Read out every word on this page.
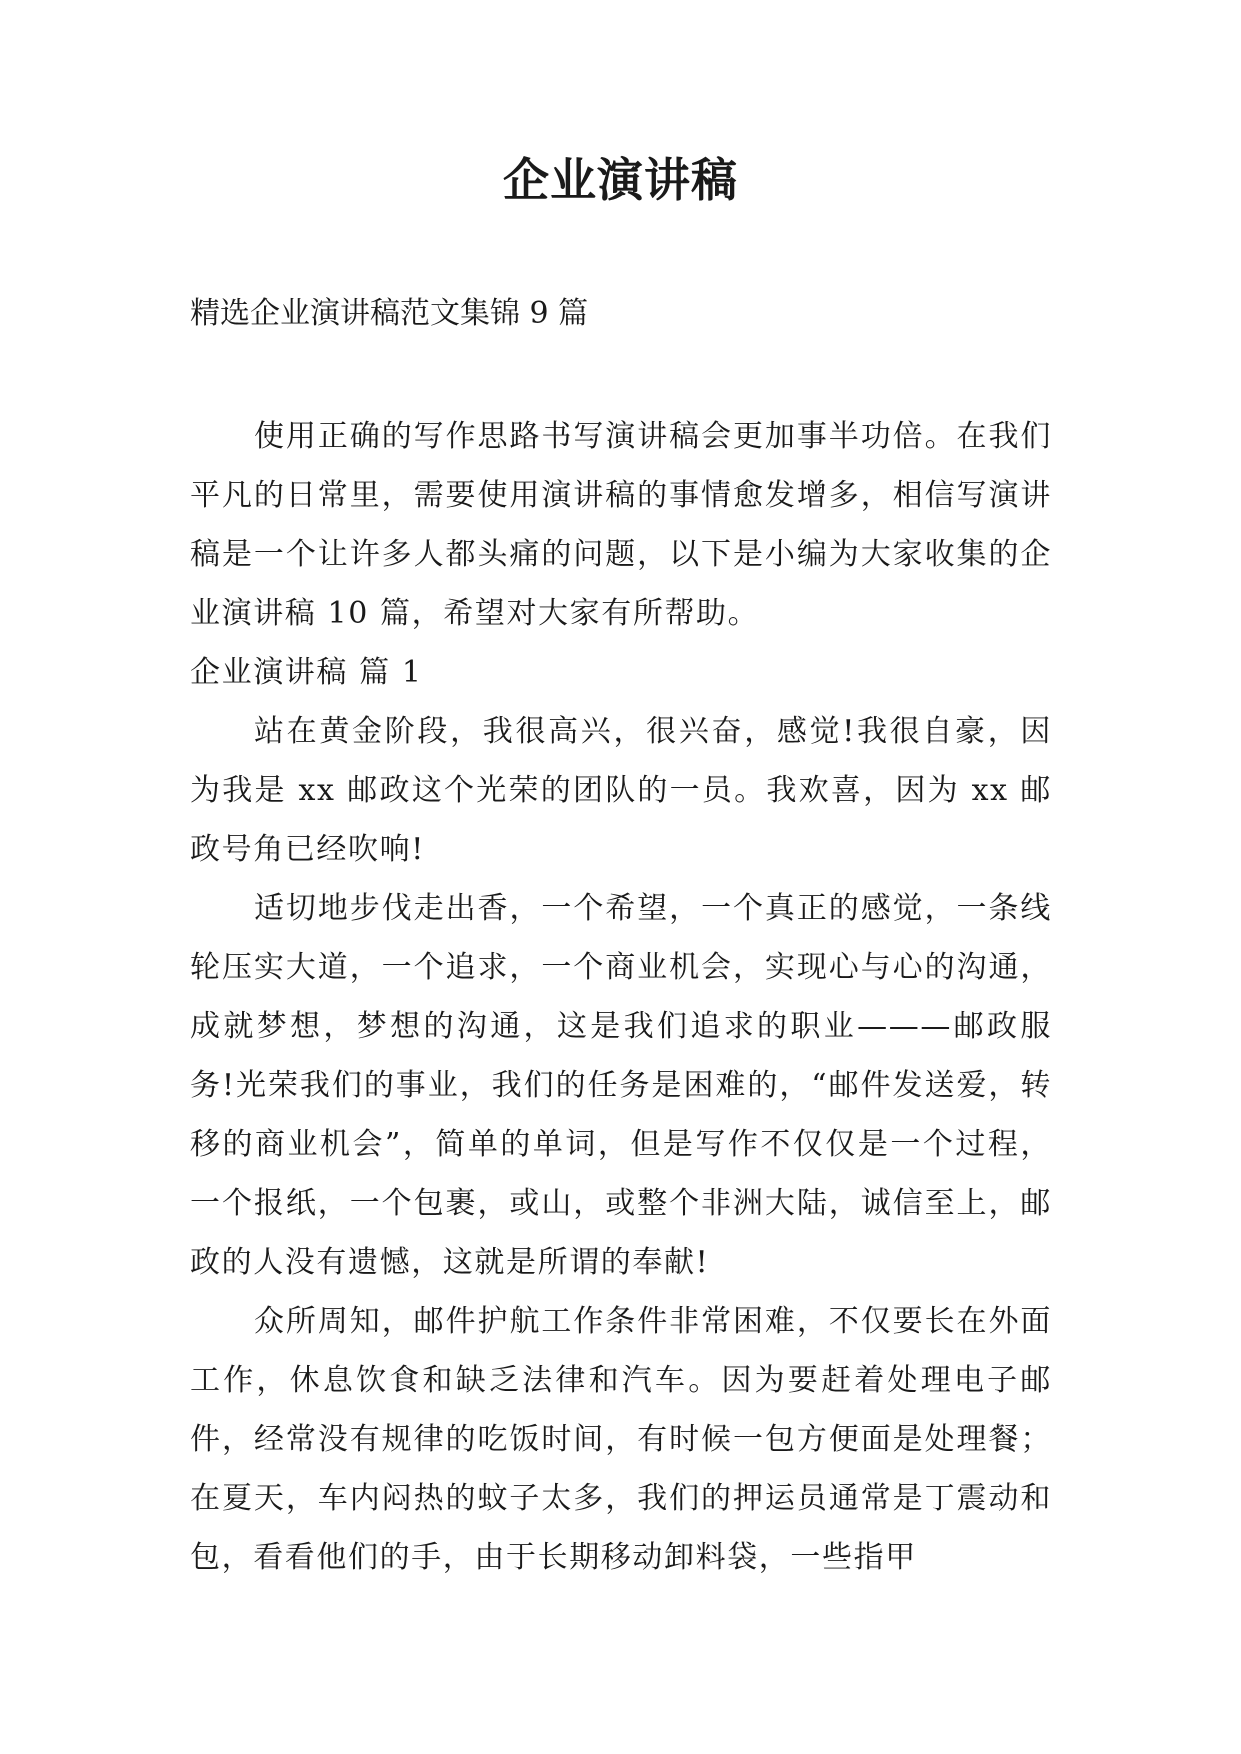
企业演讲稿

精选企业演讲稿范文集锦 9 篇

使用正确的写作思路书写演讲稿会更加事半功倍。在我们平凡的日常里，需要使用演讲稿的事情愈发增多，相信写演讲稿是一个让许多人都头痛的问题，以下是小编为大家收集的企业演讲稿 10 篇，希望对大家有所帮助。

企业演讲稿 篇 1

站在黄金阶段，我很高兴，很兴奋，感觉!我很自豪，因为我是 xx 邮政这个光荣的团队的一员。我欢喜，因为 xx 邮政号角已经吹响!

适切地步伐走出香，一个希望，一个真正的感觉，一条线轮压实大道，一个追求，一个商业机会，实现心与心的沟通，成就梦想，梦想的沟通，这是我们追求的职业———邮政服务!光荣我们的事业，我们的任务是困难的，“邮件发送爱，转移的商业机会”，简单的单词，但是写作不仅仅是一个过程，一个报纸，一个包裹，或山，或整个非洲大陆，诚信至上，邮政的人没有遗憾，这就是所谓的奉献!

众所周知，邮件护航工作条件非常困难，不仅要长在外面工作，休息饮食和缺乏法律和汽车。因为要赶着处理电子邮件，经常没有规律的吃饭时间，有时候一包方便面是处理餐；在夏天，车内闷热的蚊子太多，我们的押运员通常是丁震动和包，看看他们的手，由于长期移动卸料袋，一些指甲
